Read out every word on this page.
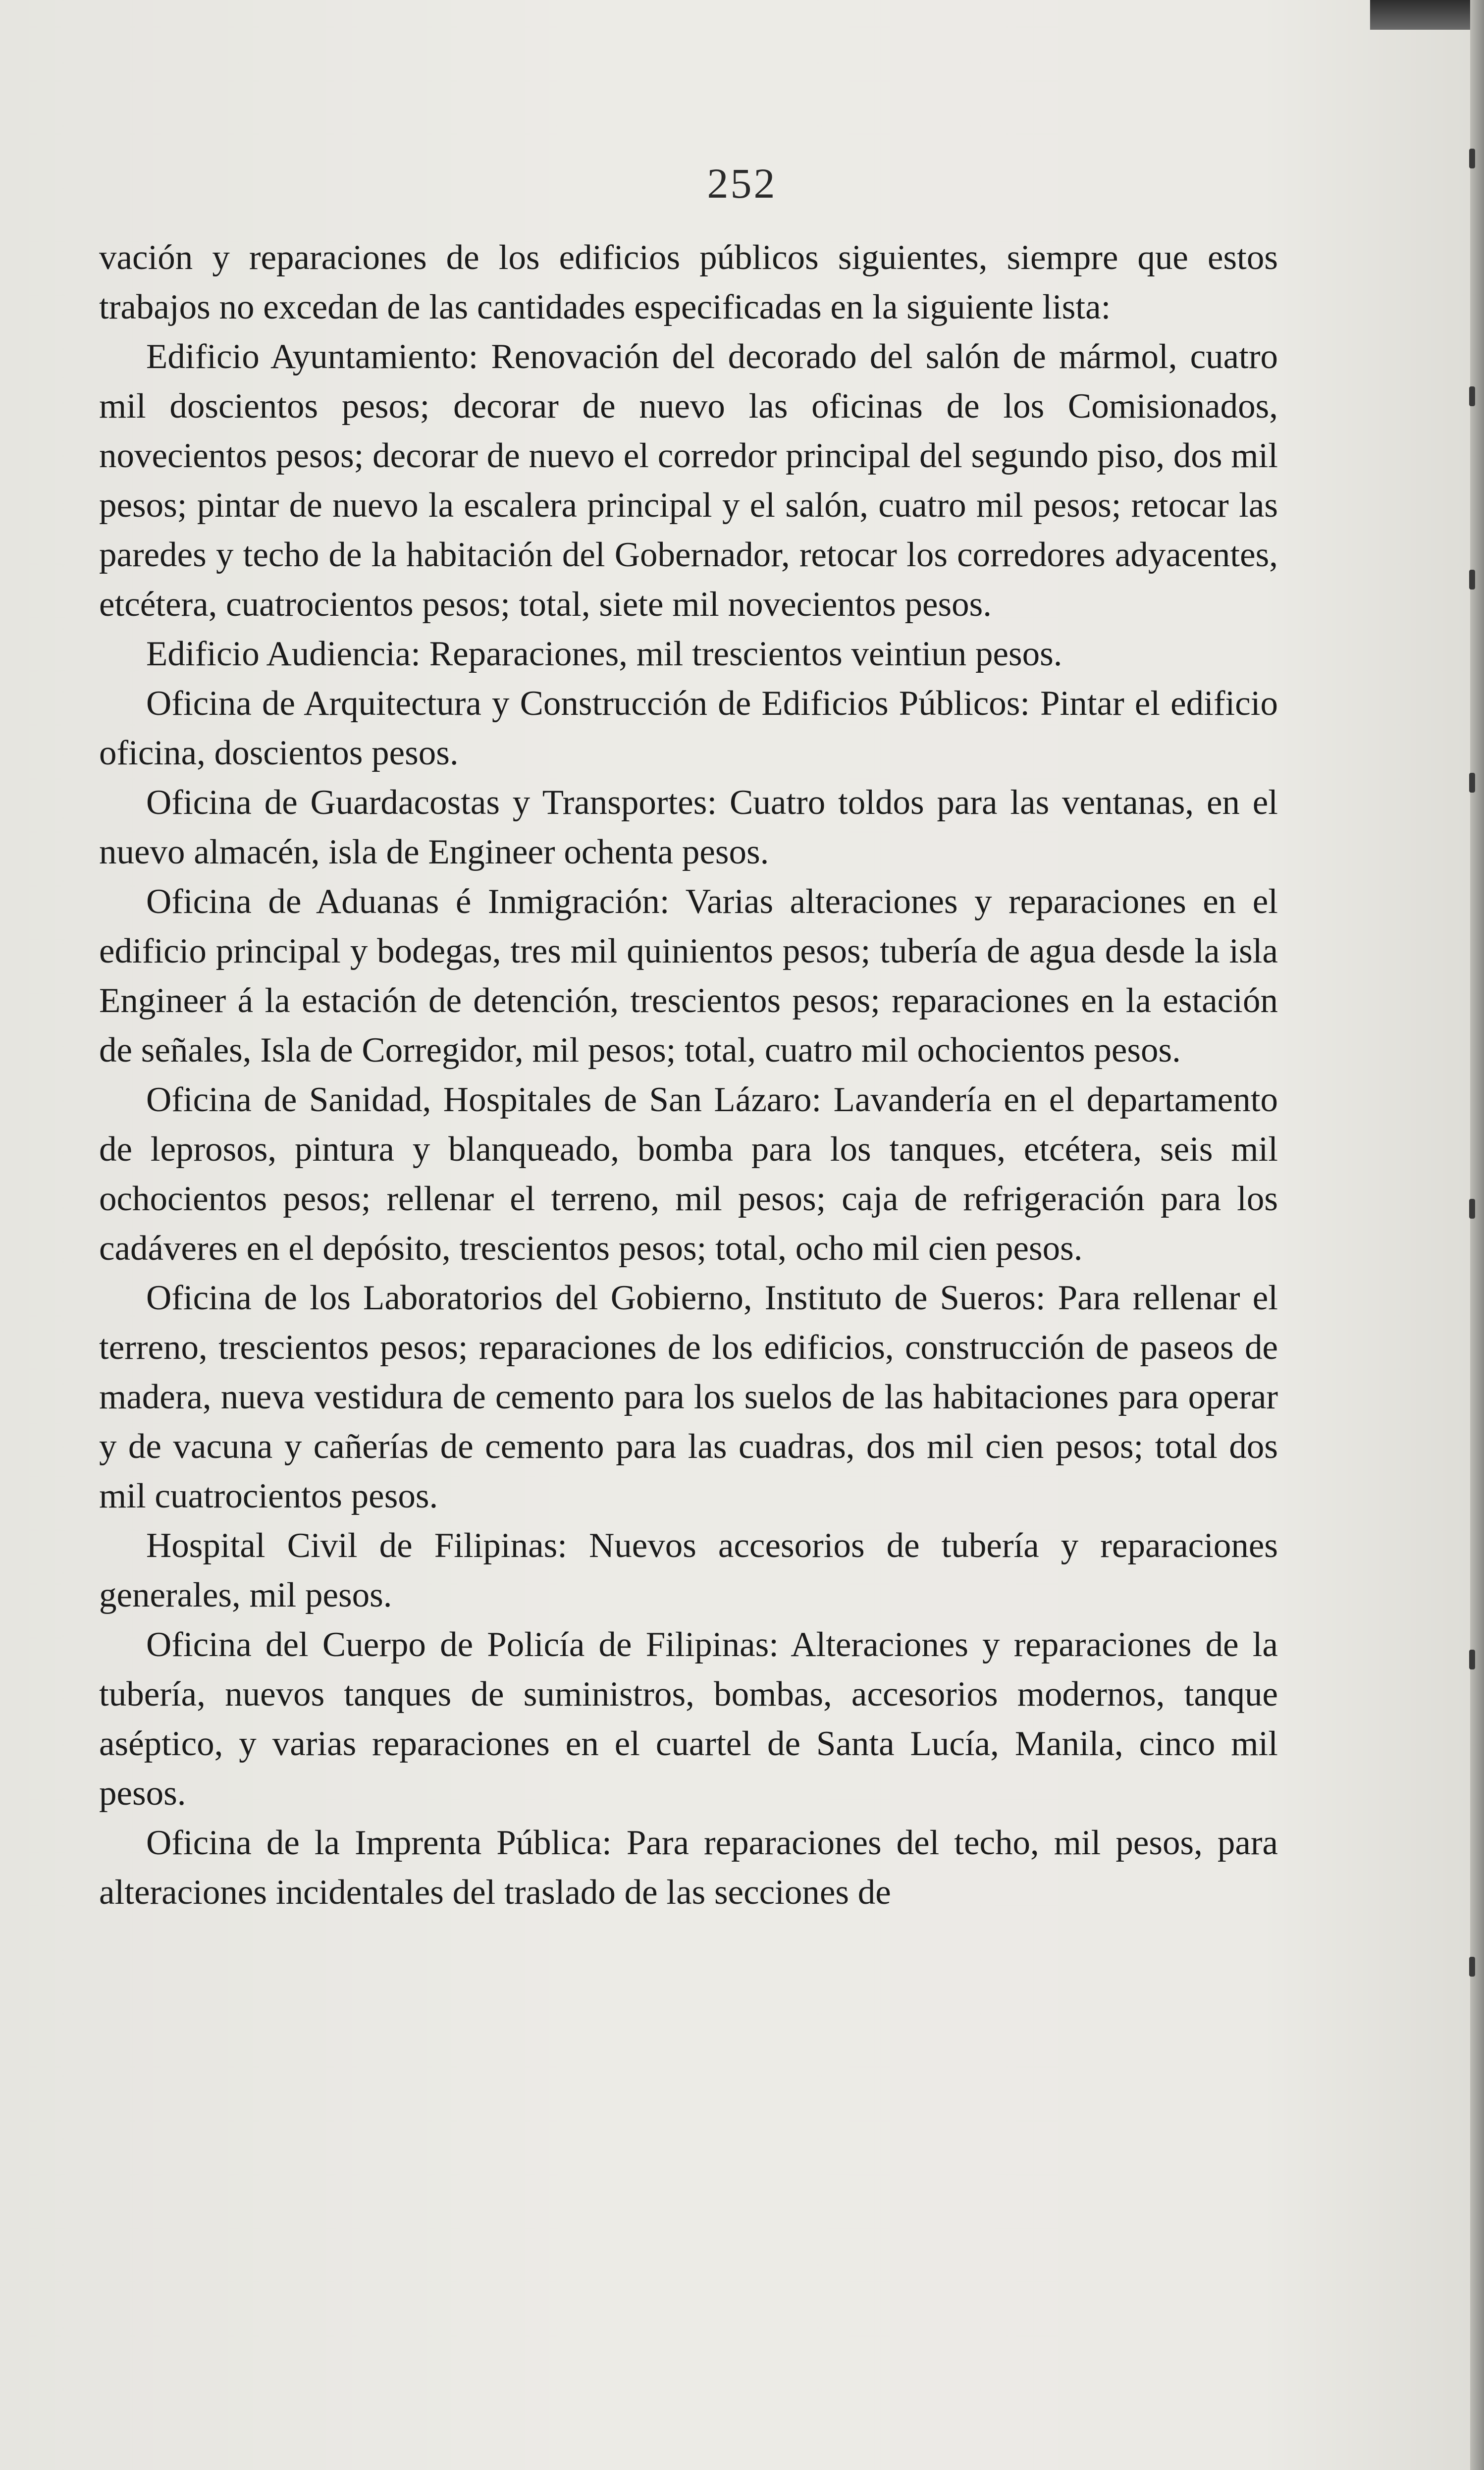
252

vación y reparaciones de los edificios públicos siguientes, siempre que estos trabajos no excedan de las cantidades especificadas en la siguiente lista:

Edificio Ayuntamiento: Renovación del decorado del salón de mármol, cuatro mil doscientos pesos; decorar de nuevo las oficinas de los Comisionados, novecientos pesos; decorar de nuevo el corredor principal del segundo piso, dos mil pesos; pintar de nuevo la escalera principal y el salón, cuatro mil pesos; retocar las paredes y techo de la habitación del Gobernador, retocar los corredores adyacentes, etcétera, cuatrocientos pesos; total, siete mil novecientos pesos.

Edificio Audiencia: Reparaciones, mil trescientos veintiun pesos.

Oficina de Arquitectura y Construcción de Edificios Públicos: Pintar el edificio oficina, doscientos pesos.

Oficina de Guardacostas y Transportes: Cuatro toldos para las ventanas, en el nuevo almacén, isla de Engineer ochenta pesos.

Oficina de Aduanas é Inmigración: Varias alteraciones y reparaciones en el edificio principal y bodegas, tres mil quinientos pesos; tubería de agua desde la isla Engineer á la estación de detención, trescientos pesos; reparaciones en la estación de señales, Isla de Corregidor, mil pesos; total, cuatro mil ochocientos pesos.

Oficina de Sanidad, Hospitales de San Lázaro: Lavandería en el departamento de leprosos, pintura y blanqueado, bomba para los tanques, etcétera, seis mil ochocientos pesos; rellenar el terreno, mil pesos; caja de refrigeración para los cadáveres en el depósito, trescientos pesos; total, ocho mil cien pesos.

Oficina de los Laboratorios del Gobierno, Instituto de Sueros: Para rellenar el terreno, trescientos pesos; reparaciones de los edificios, construcción de paseos de madera, nueva vestidura de cemento para los suelos de las habitaciones para operar y de vacuna y cañerías de cemento para las cuadras, dos mil cien pesos; total dos mil cuatrocientos pesos.

Hospital Civil de Filipinas: Nuevos accesorios de tubería y reparaciones generales, mil pesos.

Oficina del Cuerpo de Policía de Filipinas: Alteraciones y reparaciones de la tubería, nuevos tanques de suministros, bombas, accesorios modernos, tanque aséptico, y varias reparaciones en el cuartel de Santa Lucía, Manila, cinco mil pesos.

Oficina de la Imprenta Pública: Para reparaciones del techo, mil pesos, para alteraciones incidentales del traslado de las secciones de
